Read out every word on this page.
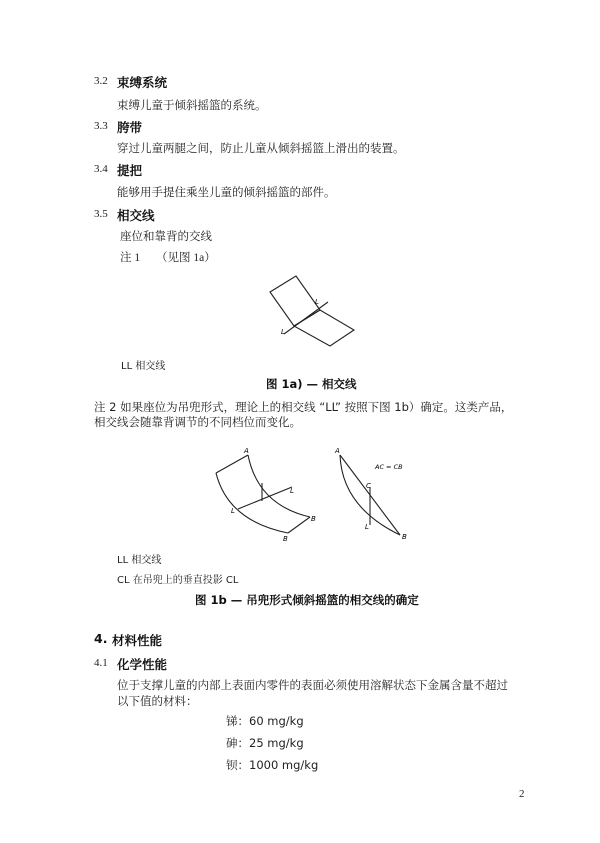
3.2 束缚系统
束缚儿童于倾斜摇篮的系统。
3.3 胯带
穿过儿童两腿之间，防止儿童从倾斜摇篮上滑出的装置。
3.4 提把
能够用手提住乘坐儿童的倾斜摇篮的部件。
3.5 相交线
座位和靠背的交线
注 1 （见图 1a）
L
L
LL 相交线
图 1a) — 相交线
注 2 如果座位为吊兜形式，理论上的相交线 “LL” 按照下图 1b）确定。这类产品，
相交线会随靠背调节的不同档位而变化。
A
L
L
B
B
A
AC = CB
C
L
B
LL 相交线
CL 在吊兜上的垂直投影 CL
图 1b — 吊兜形式倾斜摇篮的相交线的确定
4. 材料性能
4.1 化学性能
位于支撑儿童的内部上表面内零件的表面必须使用溶解状态下金属含量不超过
以下值的材料：
锑：60 mg/kg
砷：25 mg/kg
钡：1000 mg/kg
2
